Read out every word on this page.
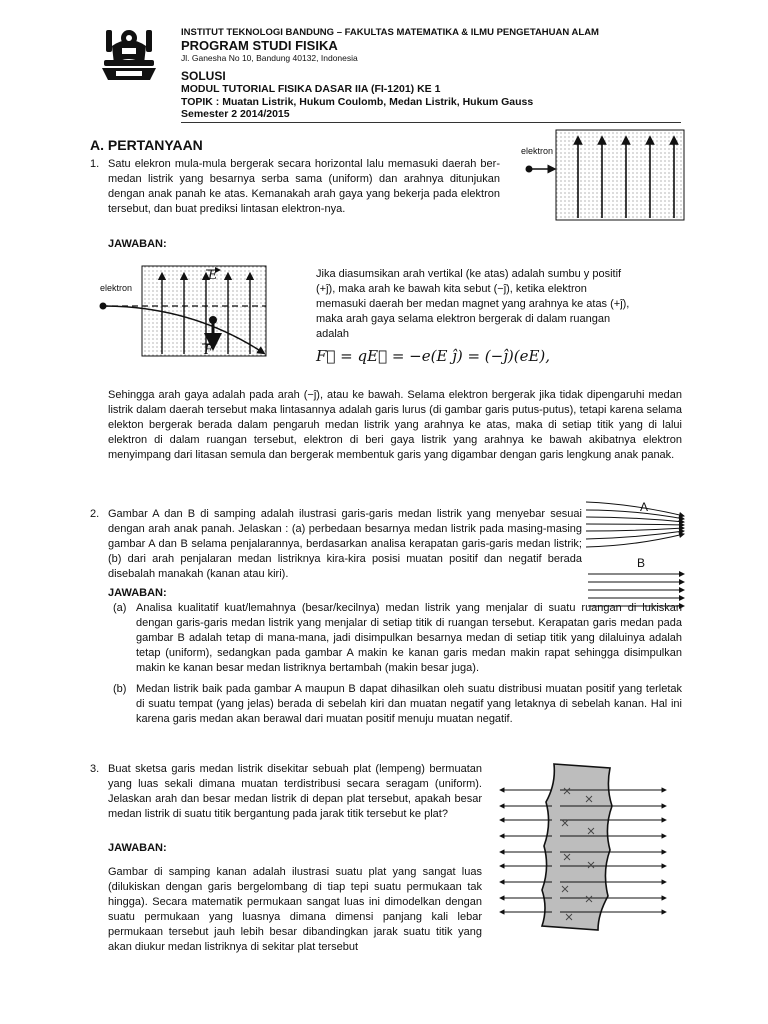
INSTITUT TEKNOLOGI BANDUNG – FAKULTAS MATEMATIKA & ILMU PENGETAHUAN ALAM
PROGRAM STUDI FISIKA
Jl. Ganesha No 10, Bandung 40132, Indonesia
SOLUSI
MODUL TUTORIAL FISIKA DASAR IIA (FI-1201) KE 1
TOPIK : Muatan Listrik, Hukum Coulomb, Medan Listrik, Hukum Gauss
Semester 2 2014/2015
A. PERTANYAAN
1. Satu elekron mula-mula bergerak secara horizontal lalu memasuki daerah ber-medan listrik yang besarnya serba sama (uniform) dan arahnya ditunjukan dengan anak panah ke atas. Kemanakah arah gaya yang bekerja pada elektron tersebut, dan buat prediksi lintasan elektron-nya.
elektron
JAWABAN:
elektron
E
F
Jika diasumsikan arah vertikal (ke atas) adalah sumbu y positif (+ĵ), maka arah ke bawah kita sebut (−ĵ), ketika elektron memasuki daerah ber medan magnet yang arahnya ke atas (+ĵ), maka arah gaya selama elektron bergerak di dalam ruangan adalah
F⃗ = qE⃗ = −e(E ĵ) = (−ĵ)(eE),
Sehingga arah gaya adalah pada arah (−ĵ), atau ke bawah. Selama elektron bergerak jika tidak dipengaruhi medan listrik dalam daerah tersebut maka lintasannya adalah garis lurus (di gambar garis putus-putus), tetapi karena selama elekton bergerak berada dalam pengaruh medan listrik yang arahnya ke atas, maka di setiap titik yang di lalui elektron di dalam ruangan tersebut, elektron di beri gaya listrik yang arahnya ke bawah akibatnya elektron menyimpang dari litasan semula dan bergerak membentuk garis yang digambar dengan garis lengkung anak panak.
2. Gambar A dan B di samping adalah ilustrasi garis-garis medan listrik yang menyebar sesuai dengan arah anak panah. Jelaskan : (a) perbedaan besarnya medan listrik pada masing-masing gambar A dan B selama penjalarannya, berdasarkan analisa kerapatan garis-garis medan listrik; (b) dari arah penjalaran medan listriknya kira-kira posisi muatan positif dan negatif berada disebalah manakah (kanan atau kiri).
A
B
JAWABAN:
(a) Analisa kualitatif kuat/lemahnya (besar/kecilnya) medan listrik yang menjalar di suatu ruangan di lukiskan dengan garis-garis medan listrik yang menjalar di setiap titik di ruangan tersebut. Kerapatan garis medan pada gambar B adalah tetap di mana-mana, jadi disimpulkan besarnya medan di setiap titik yang dilaluinya adalah tetap (uniform), sedangkan pada gambar A makin ke kanan garis medan makin rapat sehingga disimpulkan makin ke kanan besar medan listriknya bertambah (makin besar juga).
(b) Medan listrik baik pada gambar A maupun B dapat dihasilkan oleh suatu distribusi muatan positif yang terletak di suatu tempat (yang jelas) berada di sebelah kiri dan muatan negatif yang letaknya di sebelah kanan. Hal ini karena garis medan akan berawal dari muatan positif menuju muatan negatif.
3. Buat sketsa garis medan listrik disekitar sebuah plat (lempeng) bermuatan yang luas sekali dimana muatan terdistribusi secara seragam (uniform). Jelaskan arah dan besar medan listrik di depan plat tersebut, apakah besar medan listrik di suatu titik bergantung pada jarak titik tersebut ke plat?
JAWABAN:
Gambar di samping kanan adalah ilustrasi suatu plat yang sangat luas (dilukiskan dengan garis bergelombang di tiap tepi suatu permukaan tak hingga). Secara matematik permukaan sangat luas ini dimodelkan dengan suatu permukaan yang luasnya dimana dimensi panjang kali lebar permukaan tersebut jauh lebih besar dibandingkan jarak suatu titik yang akan diukur medan listriknya di sekitar plat tersebut
